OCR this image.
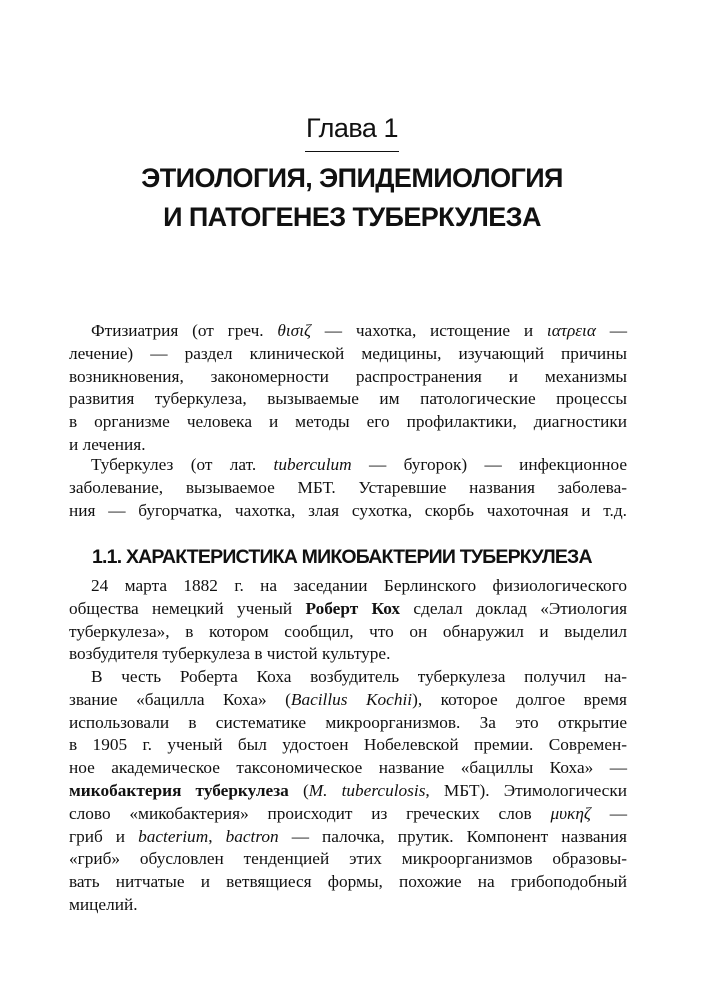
Глава 1
ЭТИОЛОГИЯ, ЭПИДЕМИОЛОГИЯ
И ПАТОГЕНЕЗ ТУБЕРКУЛЕЗА
Фтизиатрия (от греч. θισιζ — чахотка, истощение и ιατρεια —
лечение) — раздел клинической медицины, изучающий причины
возникновения, закономерности распространения и механизмы
развития туберкулеза, вызываемые им патологические процессы
в организме человека и методы его профилактики, диагностики
и лечения.
Туберкулез (от лат. tuberculum — бугорок) — инфекционное
заболевание, вызываемое МБТ. Устаревшие названия заболева-
ния — бугорчатка, чахотка, злая сухотка, скорбь чахоточная и т.д.
1.1. ХАРАКТЕРИСТИКА МИКОБАКТЕРИИ ТУБЕРКУЛЕЗА
24 марта 1882 г. на заседании Берлинского физиологического
общества немецкий ученый Роберт Кох сделал доклад «Этиология
туберкулеза», в котором сообщил, что он обнаружил и выделил
возбудителя туберкулеза в чистой культуре.
В честь Роберта Коха возбудитель туберкулеза получил на-
звание «бацилла Коха» (Bacillus Kochii), которое долгое время
использовали в систематике микроорганизмов. За это открытие
в 1905 г. ученый был удостоен Нобелевской премии. Современ-
ное академическое таксономическое название «бациллы Коха» —
микобактерия туберкулеза (M. tuberculosis, МБТ). Этимологически
слово «микобактерия» происходит из греческих слов μυκηζ —
гриб и bacterium, bactron — палочка, прутик. Компонент названия
«гриб» обусловлен тенденцией этих микроорганизмов образовы-
вать нитчатые и ветвящиеся формы, похожие на грибоподобный
мицелий.
